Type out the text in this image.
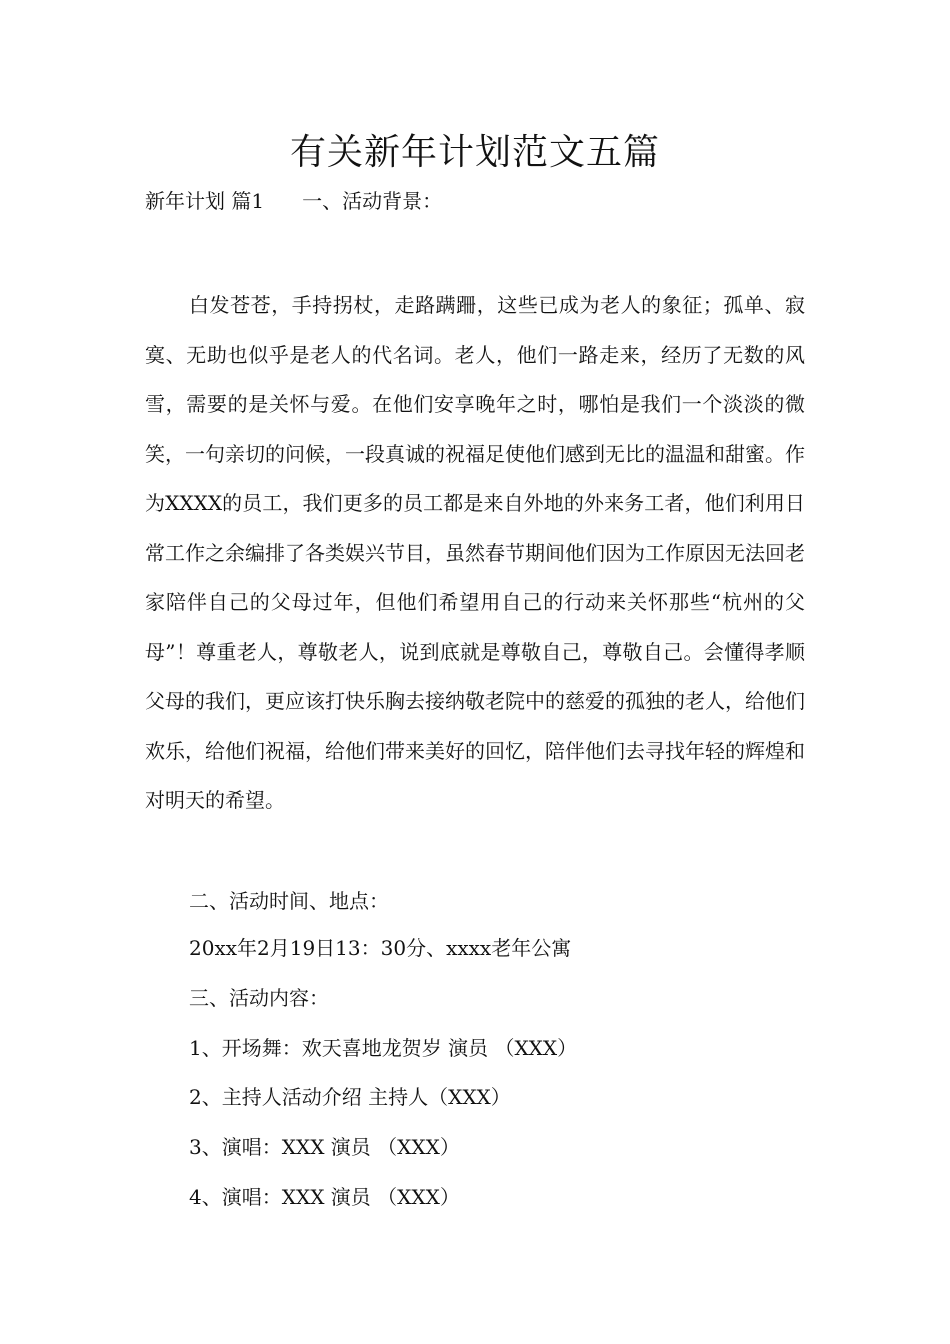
有关新年计划范文五篇
新年计划 篇1 一、活动背景：

白发苍苍，手持拐杖，走路蹒跚，这些已成为老人的象征；孤单、寂寞、无助也似乎是老人的代名词。老人，他们一路走来，经历了无数的风雪，需要的是关怀与爱。在他们安享晚年之时，哪怕是我们一个淡淡的微笑，一句亲切的问候，一段真诚的祝福足使他们感到无比的温温和甜蜜。作为XXXX的员工，我们更多的员工都是来自外地的外来务工者，他们利用日常工作之余编排了各类娱兴节目，虽然春节期间他们因为工作原因无法回老家陪伴自己的父母过年，但他们希望用自己的行动来关怀那些“杭州的父母”！尊重老人，尊敬老人，说到底就是尊敬自己，尊敬自己。会懂得孝顺父母的我们，更应该打快乐胸去接纳敬老院中的慈爱的孤独的老人，给他们欢乐，给他们祝福，给他们带来美好的回忆，陪伴他们去寻找年轻的辉煌和对明天的希望。

二、活动时间、地点：
20xx年2月19日13：30分、xxxx老年公寓
三、活动内容：
1、开场舞：欢天喜地龙贺岁 演员 （XXX）
2、主持人活动介绍 主持人（XXX）
3、演唱：XXX 演员 （XXX）
4、演唱：XXX 演员 （XXX）
